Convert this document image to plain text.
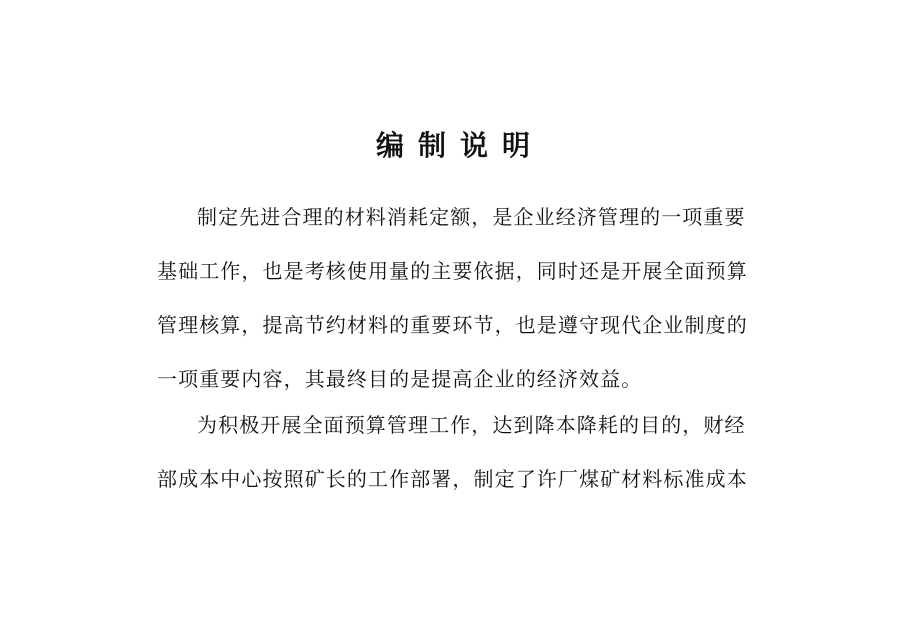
编制说明
制定先进合理的材料消耗定额，是企业经济管理的一项重要
基础工作，也是考核使用量的主要依据，同时还是开展全面预算
管理核算，提高节约材料的重要环节，也是遵守现代企业制度的
一项重要内容，其最终目的是提高企业的经济效益。
为积极开展全面预算管理工作，达到降本降耗的目的，财经
部成本中心按照矿长的工作部署，制定了许厂煤矿材料标准成本
